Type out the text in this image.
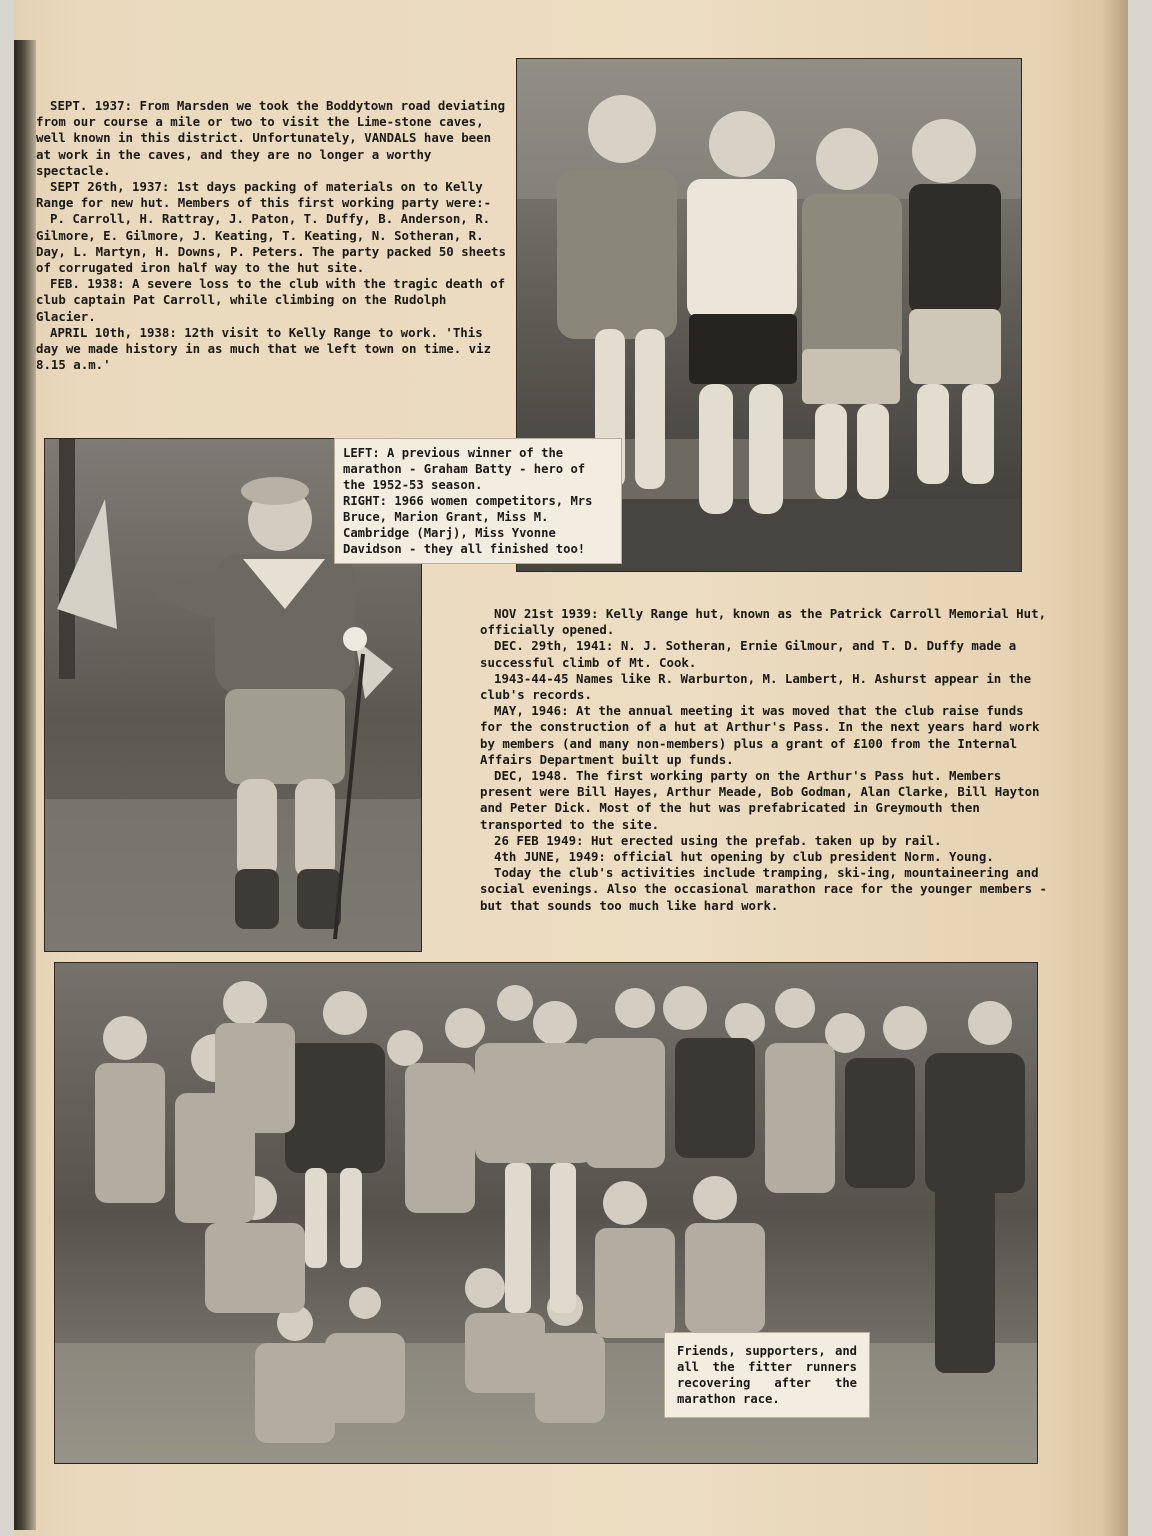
SEPT. 1937: From Marsden we took the Boddytown road deviating from our course a mile or two to visit the Lime-stone caves, well known in this district. Unfortunately, VANDALS have been at work in the caves, and they are no longer a worthy spectacle.

SEPT 26th, 1937: 1st days packing of materials on to Kelly Range for new hut. Members of this first working party were:-

P. Carroll, H. Rattray, J. Paton, T. Duffy, B. Anderson, R. Gilmore, E. Gilmore, J. Keating, T. Keating, N. Sotheran, R. Day, L. Martyn, H. Downs, P. Peters. The party packed 50 sheets of corrugated iron half way to the hut site.

FEB. 1938: A severe loss to the club with the tragic death of club captain Pat Carroll, while climbing on the Rudolph Glacier.

APRIL 10th, 1938: 12th visit to Kelly Range to work. 'This day we made history in as much that we left town on time. viz 8.15 a.m.'

LEFT: A previous winner of the marathon - Graham Batty - hero of the 1952-53 season.

RIGHT: 1966 women competitors, Mrs Bruce, Marion Grant, Miss M. Cambridge (Marj), Miss Yvonne Davidson - they all finished too!

NOV 21st 1939: Kelly Range hut, known as the Patrick Carroll Memorial Hut, officially opened.

DEC. 29th, 1941: N. J. Sotheran, Ernie Gilmour, and T. D. Duffy made a successful climb of Mt. Cook.

1943-44-45 Names like R. Warburton, M. Lambert, H. Ashurst appear in the club's records.

MAY, 1946: At the annual meeting it was moved that the club raise funds for the construction of a hut at Arthur's Pass. In the next years hard work by members (and many non-members) plus a grant of £100 from the Internal Affairs Department built up funds.

DEC, 1948. The first working party on the Arthur's Pass hut. Members present were Bill Hayes, Arthur Meade, Bob Godman, Alan Clarke, Bill Hayton and Peter Dick. Most of the hut was prefabricated in Greymouth then transported to the site.

26 FEB 1949: Hut erected using the prefab. taken up by rail.

4th JUNE, 1949: official hut opening by club president Norm. Young.

Today the club's activities include tramping, ski-ing, mountaineering and social evenings. Also the occasional marathon race for the younger members - but that sounds too much like hard work.

Friends, supporters, and all the fitter runners recovering after the marathon race.
